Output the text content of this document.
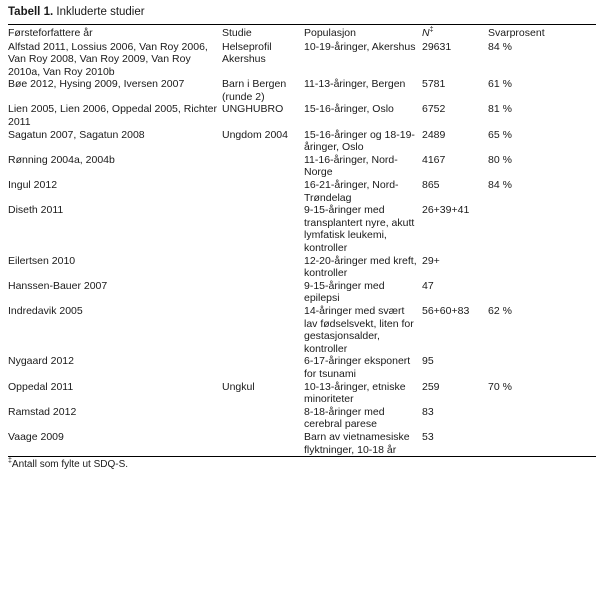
Tabell 1. Inkluderte studier
Førsteforfattere år	Studie	Populasjon	N‡	Svarprosent
Alfstad 2011, Lossius 2006, Van Roy 2006, Van Roy 2008, Van Roy 2009, Van Roy 2010a, Van Roy 2010b	Helseprofil Akershus	10-19-åringer, Akershus	29631	84 %
Bøe 2012, Hysing 2009, Iversen 2007	Barn i Bergen (runde 2)	11-13-åringer, Bergen	5781	61 %
Lien 2005, Lien 2006, Oppedal 2005, Richter 2011	UNGHUBRO	15-16-åringer, Oslo	6752	81 %
Sagatun 2007, Sagatun 2008	Ungdom 2004	15-16-åringer og 18-19-åringer, Oslo	2489	65 %
Rønning 2004a, 2004b		11-16-åringer, Nord-Norge	4167	80 %
Ingul 2012		16-21-åringer, Nord-Trøndelag	865	84 %
Diseth 2011		9-15-åringer med transplantert nyre, akutt lymfatisk leukemi, kontroller	26+39+41	
Eilertsen 2010		12-20-åringer med kreft, kontroller	29+	
Hanssen-Bauer 2007		9-15-åringer med epilepsi	47	
Indredavik 2005		14-åringer med svært lav fødselsvekt, liten for gestasjonsalder, kontroller	56+60+83	62 %
Nygaard 2012		6-17-åringer eksponert for tsunami	95	
Oppedal 2011	Ungkul	10-13-åringer, etniske minoriteter	259	70 %
Ramstad 2012		8-18-åringer med cerebral parese	83	
Vaage 2009		Barn av vietnamesiske flyktninger, 10-18 år	53	
‡Antall som fylte ut SDQ-S.
